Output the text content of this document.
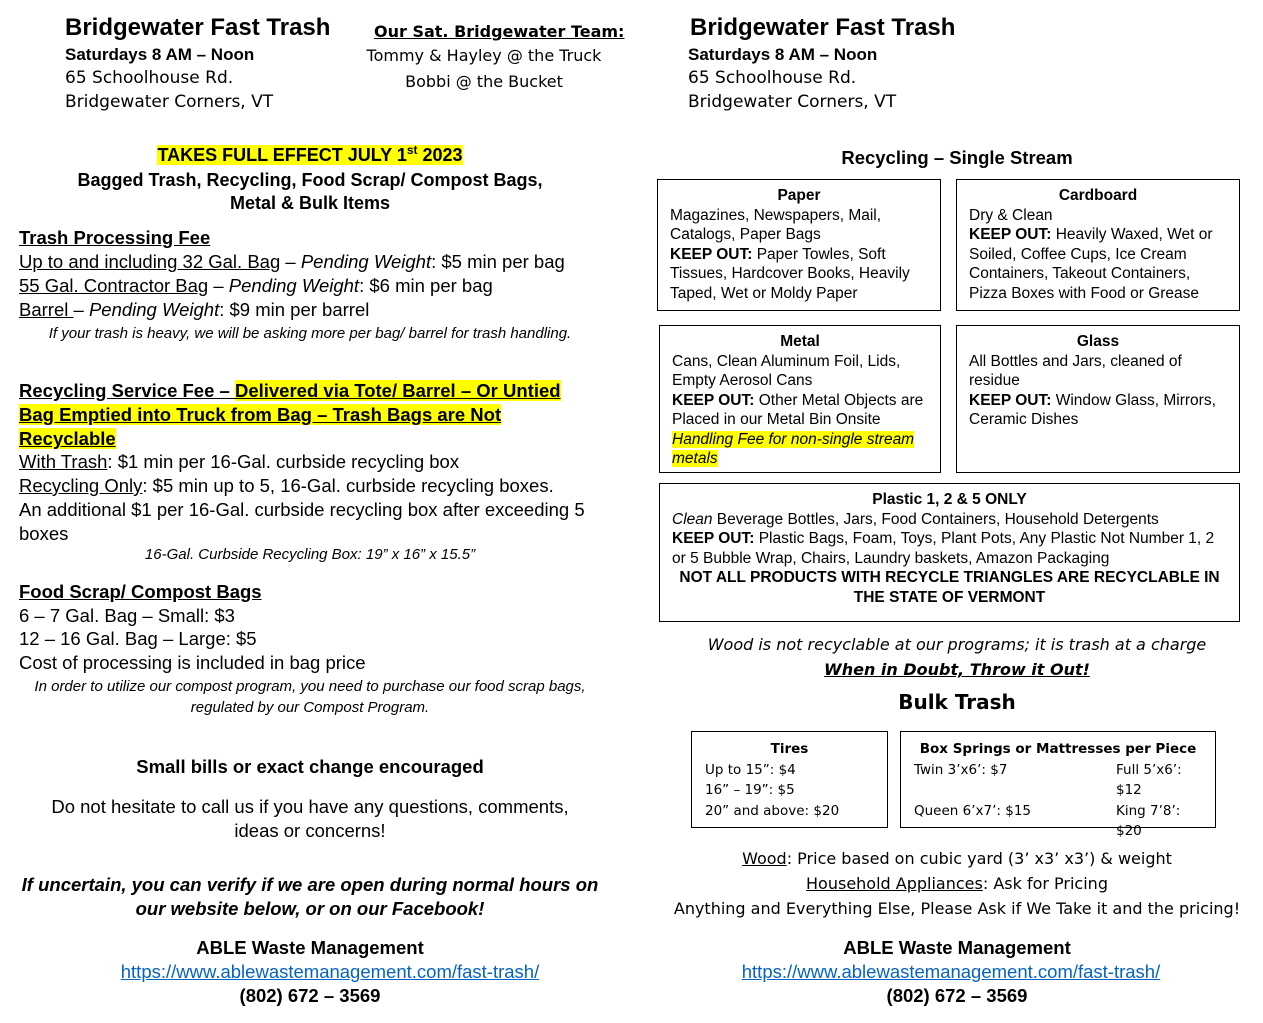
Bridgewater Fast Trash
Saturdays 8 AM – Noon
65 Schoolhouse Rd.
Bridgewater Corners, VT
Our Sat. Bridgewater Team:
Tommy & Hayley @ the Truck
Bobbi @ the Bucket
TAKES FULL EFFECT JULY 1st 2023
Bagged Trash, Recycling, Food Scrap/ Compost Bags,
Metal & Bulk Items
Trash Processing Fee
Up to and including 32 Gal. Bag – Pending Weight: $5 min per bag
55 Gal. Contractor Bag – Pending Weight: $6 min per bag
Barrel – Pending Weight: $9 min per barrel
If your trash is heavy, we will be asking more per bag/ barrel for trash handling.
Recycling Service Fee – Delivered via Tote/ Barrel – Or Untied Bag Emptied into Truck from Bag – Trash Bags are Not Recyclable
With Trash: $1 min per 16-Gal. curbside recycling box
Recycling Only: $5 min up to 5, 16-Gal. curbside recycling boxes.
An additional $1 per 16-Gal. curbside recycling box after exceeding 5 boxes
16-Gal. Curbside Recycling Box: 19” x 16” x 15.5”
Food Scrap/ Compost Bags
6 – 7 Gal. Bag – Small: $3
12 – 16 Gal. Bag – Large: $5
Cost of processing is included in bag price
In order to utilize our compost program, you need to purchase our food scrap bags, regulated by our Compost Program.
Small bills or exact change encouraged
Do not hesitate to call us if you have any questions, comments, ideas or concerns!
If uncertain, you can verify if we are open during normal hours on our website below, or on our Facebook!
ABLE Waste Management
https://www.ablewastemanagement.com/fast-trash/
(802) 672 – 3569
Bridgewater Fast Trash
Saturdays 8 AM – Noon
65 Schoolhouse Rd.
Bridgewater Corners, VT
Recycling – Single Stream
Paper
Magazines, Newspapers, Mail, Catalogs, Paper Bags
KEEP OUT: Paper Towles, Soft Tissues, Hardcover Books, Heavily Taped, Wet or Moldy Paper
Cardboard
Dry & Clean
KEEP OUT: Heavily Waxed, Wet or Soiled, Coffee Cups, Ice Cream Containers, Takeout Containers, Pizza Boxes with Food or Grease
Metal
Cans, Clean Aluminum Foil, Lids, Empty Aerosol Cans
KEEP OUT: Other Metal Objects are Placed in our Metal Bin Onsite
Handling Fee for non-single stream metals
Glass
All Bottles and Jars, cleaned of residue
KEEP OUT: Window Glass, Mirrors, Ceramic Dishes
Plastic 1, 2 & 5 ONLY
Clean Beverage Bottles, Jars, Food Containers, Household Detergents
KEEP OUT: Plastic Bags, Foam, Toys, Plant Pots, Any Plastic Not Number 1, 2 or 5 Bubble Wrap, Chairs, Laundry baskets, Amazon Packaging
NOT ALL PRODUCTS WITH RECYCLE TRIANGLES ARE RECYCLABLE IN THE STATE OF VERMONT
Wood is not recyclable at our programs; it is trash at a charge
When in Doubt, Throw it Out!
Bulk Trash
Tires
Up to 15”: $4
16” – 19”: $5
20” and above: $20
Box Springs or Mattresses per Piece
Twin 3’x6’: $7	Full 5’x6’: $12
Queen 6’x7’: $15	King 7’8’: $20
Wood: Price based on cubic yard (3’ x3’ x3’) & weight
Household Appliances: Ask for Pricing
Anything and Everything Else, Please Ask if We Take it and the pricing!
ABLE Waste Management
https://www.ablewastemanagement.com/fast-trash/
(802) 672 – 3569
